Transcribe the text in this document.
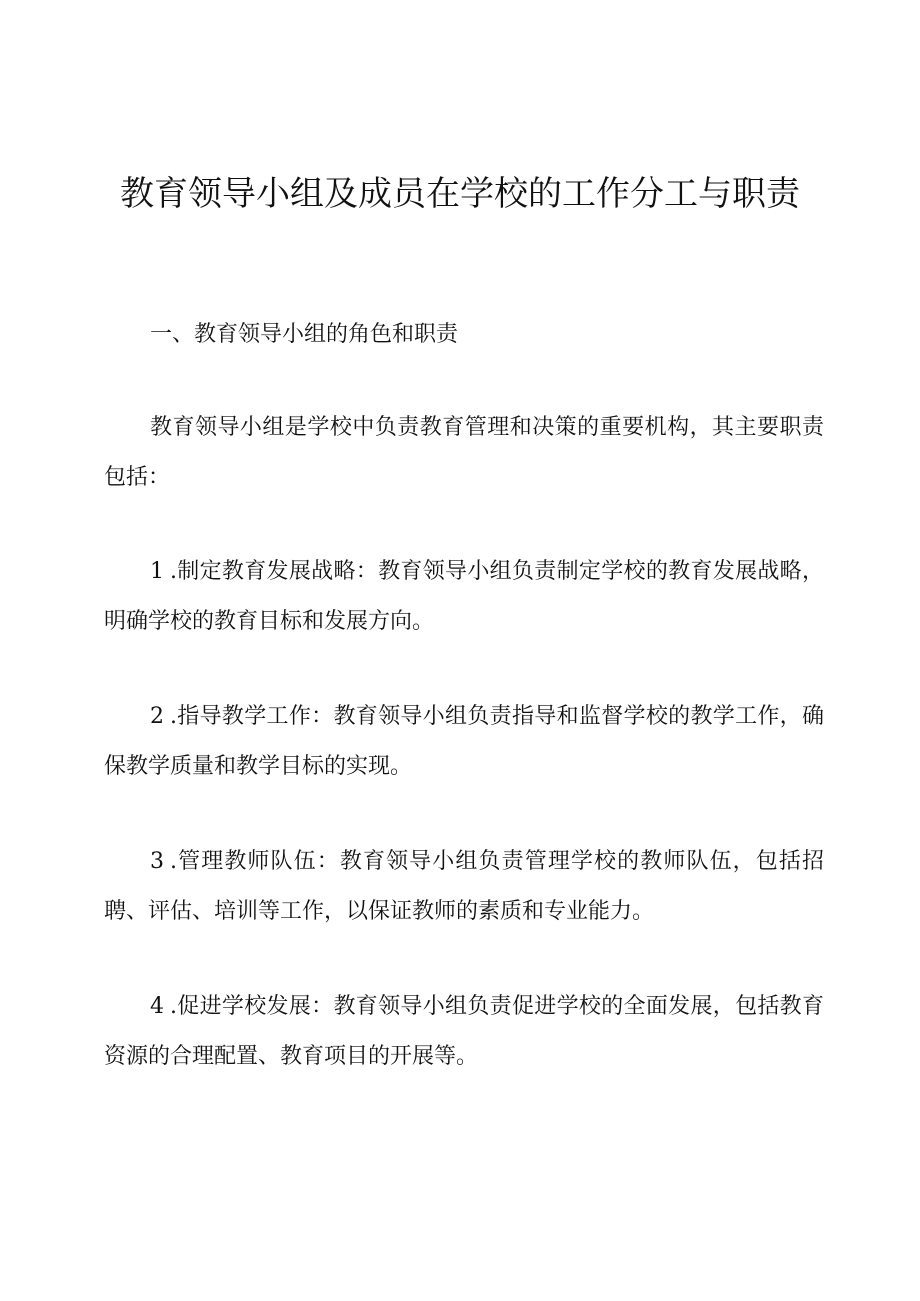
教育领导小组及成员在学校的工作分工与职责

一、教育领导小组的角色和职责

教育领导小组是学校中负责教育管理和决策的重要机构，其主要职责包括：

1 .制定教育发展战略：教育领导小组负责制定学校的教育发展战略，明确学校的教育目标和发展方向。

2 .指导教学工作：教育领导小组负责指导和监督学校的教学工作，确保教学质量和教学目标的实现。

3 .管理教师队伍：教育领导小组负责管理学校的教师队伍，包括招聘、评估、培训等工作，以保证教师的素质和专业能力。

4 .促进学校发展：教育领导小组负责促进学校的全面发展，包括教育资源的合理配置、教育项目的开展等。
